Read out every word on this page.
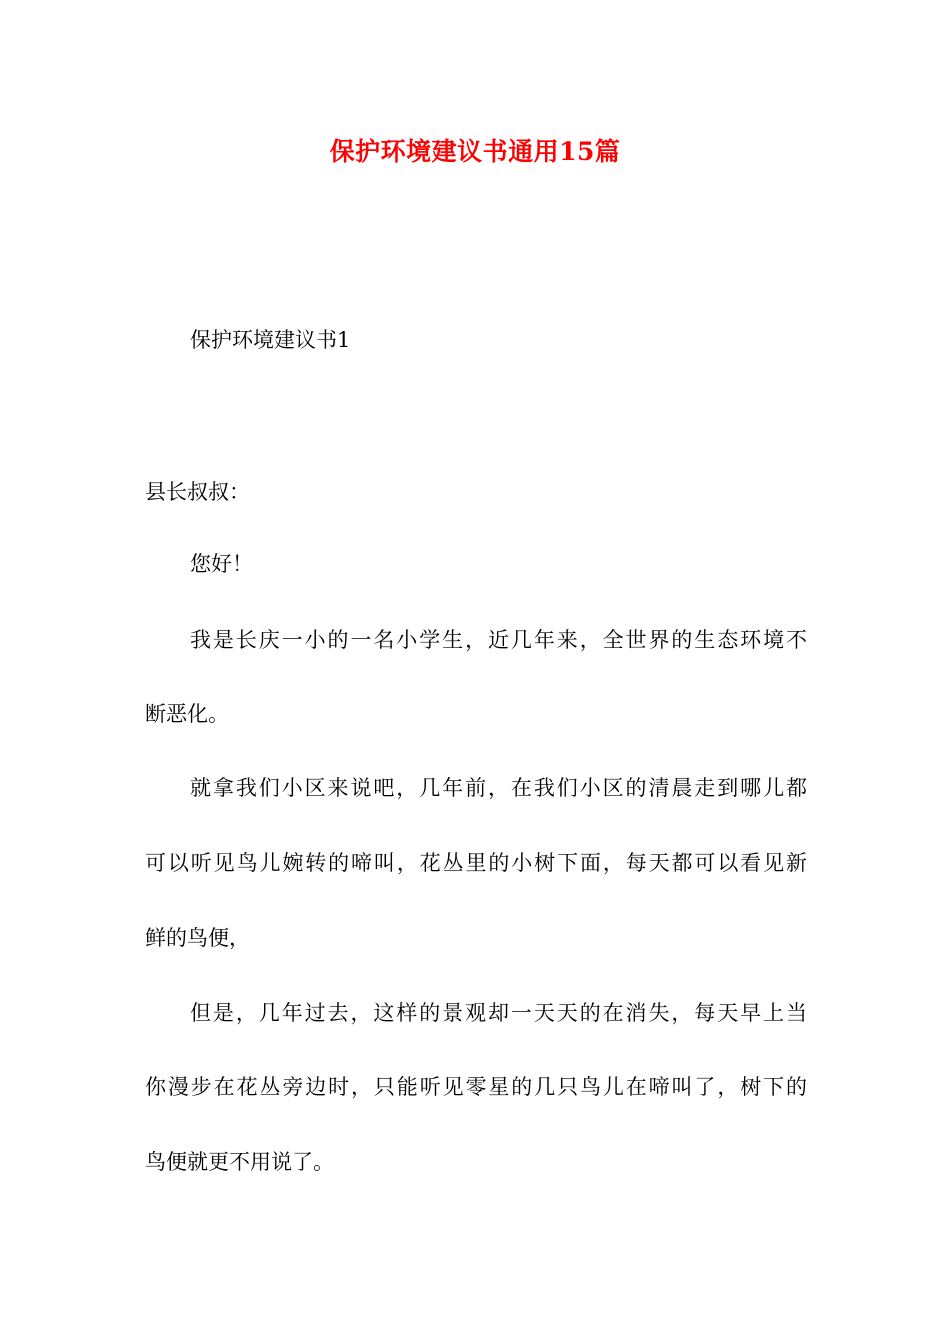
保护环境建议书通用15篇

保护环境建议书1

县长叔叔：

您好！

我是长庆一小的一名小学生，近几年来，全世界的生态环境不

断恶化。

就拿我们小区来说吧，几年前，在我们小区的清晨走到哪儿都

可以听见鸟儿婉转的啼叫，花丛里的小树下面，每天都可以看见新

鲜的鸟便，

但是，几年过去，这样的景观却一天天的在消失，每天早上当

你漫步在花丛旁边时，只能听见零星的几只鸟儿在啼叫了，树下的

鸟便就更不用说了。
